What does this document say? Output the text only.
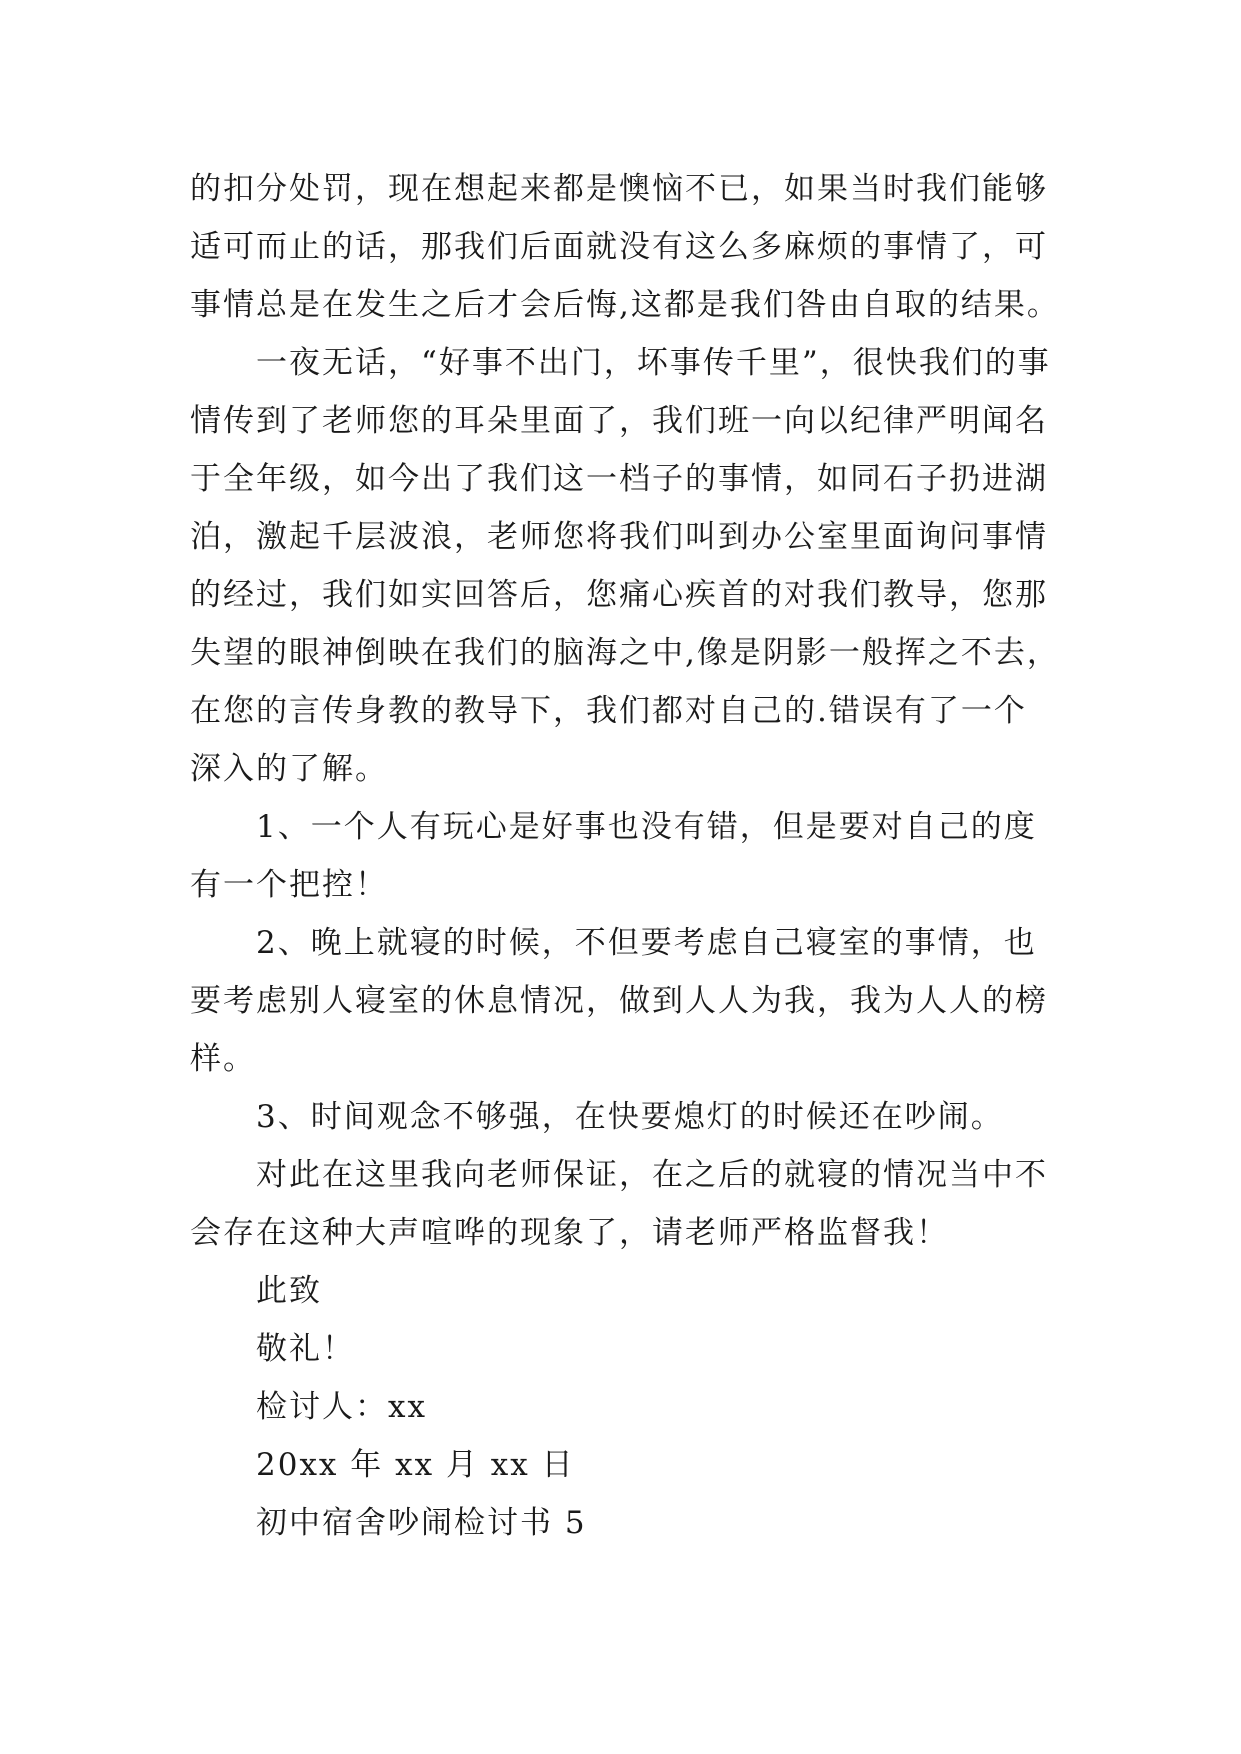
的扣分处罚，现在想起来都是懊恼不已，如果当时我们能够
适可而止的话，那我们后面就没有这么多麻烦的事情了，可
事情总是在发生之后才会后悔,这都是我们咎由自取的结果。
一夜无话，“好事不出门，坏事传千里”，很快我们的事
情传到了老师您的耳朵里面了，我们班一向以纪律严明闻名
于全年级，如今出了我们这一档子的事情，如同石子扔进湖
泊，激起千层波浪，老师您将我们叫到办公室里面询问事情
的经过，我们如实回答后，您痛心疾首的对我们教导，您那
失望的眼神倒映在我们的脑海之中,像是阴影一般挥之不去，
在您的言传身教的教导下，我们都对自己的.错误有了一个
深入的了解。
1、一个人有玩心是好事也没有错，但是要对自己的度
有一个把控！
2、晚上就寝的时候，不但要考虑自己寝室的事情，也
要考虑别人寝室的休息情况，做到人人为我，我为人人的榜
样。
3、时间观念不够强，在快要熄灯的时候还在吵闹。
对此在这里我向老师保证，在之后的就寝的情况当中不
会存在这种大声喧哗的现象了，请老师严格监督我！
此致
敬礼！
检讨人：xx
20xx 年 xx 月 xx 日
初中宿舍吵闹检讨书 5
